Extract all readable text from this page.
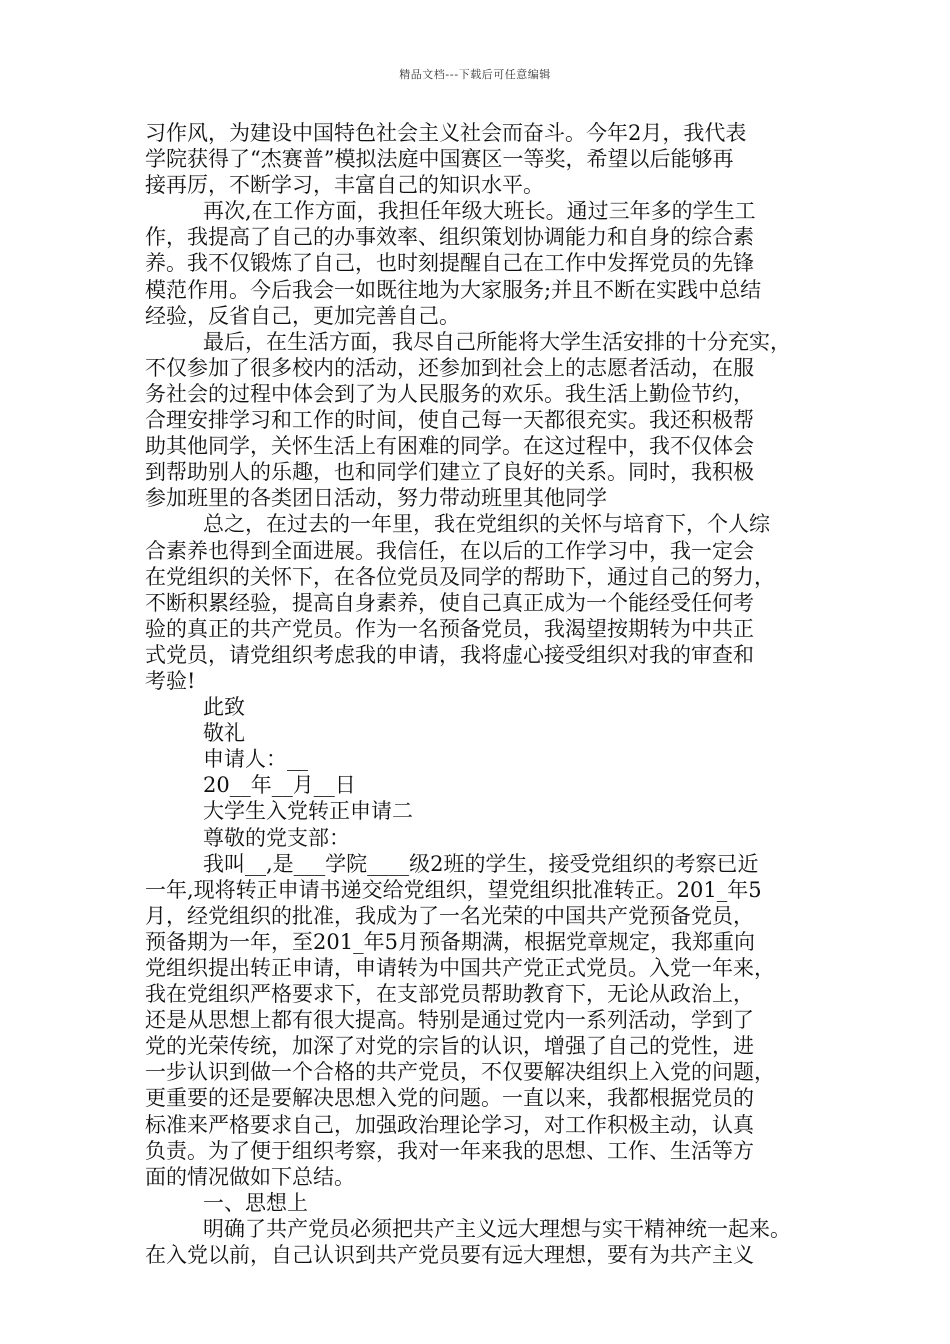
精品文档---下载后可任意编辑
习作风，为建设中国特色社会主义社会而奋斗。今年2月，我代表
学院获得了“杰赛普”模拟法庭中国赛区一等奖，希望以后能够再
接再厉，不断学习，丰富自己的知识水平。
再次,在工作方面，我担任年级大班长。通过三年多的学生工
作，我提高了自己的办事效率、组织策划协调能力和自身的综合素
养。我不仅锻炼了自己，也时刻提醒自己在工作中发挥党员的先锋
模范作用。今后我会一如既往地为大家服务;并且不断在实践中总结
经验，反省自己，更加完善自己。
最后，在生活方面，我尽自己所能将大学生活安排的十分充实，
不仅参加了很多校内的活动，还参加到社会上的志愿者活动，在服
务社会的过程中体会到了为人民服务的欢乐。我生活上勤俭节约，
合理安排学习和工作的时间，使自己每一天都很充实。我还积极帮
助其他同学，关怀生活上有困难的同学。在这过程中，我不仅体会
到帮助别人的乐趣，也和同学们建立了良好的关系。同时，我积极
参加班里的各类团日活动，努力带动班里其他同学
总之，在过去的一年里，我在党组织的关怀与培育下，个人综
合素养也得到全面进展。我信任，在以后的工作学习中，我一定会
在党组织的关怀下，在各位党员及同学的帮助下，通过自己的努力，
不断积累经验，提高自身素养，使自己真正成为一个能经受任何考
验的真正的共产党员。作为一名预备党员，我渴望按期转为中共正
式党员，请党组织考虑我的申请，我将虚心接受组织对我的审查和
考验!
此致
敬礼
申请人：__
20__年__月__日
大学生入党转正申请二
尊敬的党支部：
我叫__,是___学院____级2班的学生，接受党组织的考察已近
一年,现将转正申请书递交给党组织，望党组织批准转正。201_年5
月，经党组织的批准，我成为了一名光荣的中国共产党预备党员，
预备期为一年，至201_年5月预备期满，根据党章规定，我郑重向
党组织提出转正申请，申请转为中国共产党正式党员。入党一年来，
我在党组织严格要求下，在支部党员帮助教育下，无论从政治上，
还是从思想上都有很大提高。特别是通过党内一系列活动，学到了
党的光荣传统，加深了对党的宗旨的认识，增强了自己的党性，进
一步认识到做一个合格的共产党员，不仅要解决组织上入党的问题，
更重要的还是要解决思想入党的问题。一直以来，我都根据党员的
标准来严格要求自己，加强政治理论学习，对工作积极主动，认真
负责。为了便于组织考察，我对一年来我的思想、工作、生活等方
面的情况做如下总结。
一、思想上
明确了共产党员必须把共产主义远大理想与实干精神统一起来。
在入党以前，自己认识到共产党员要有远大理想，要有为共产主义
